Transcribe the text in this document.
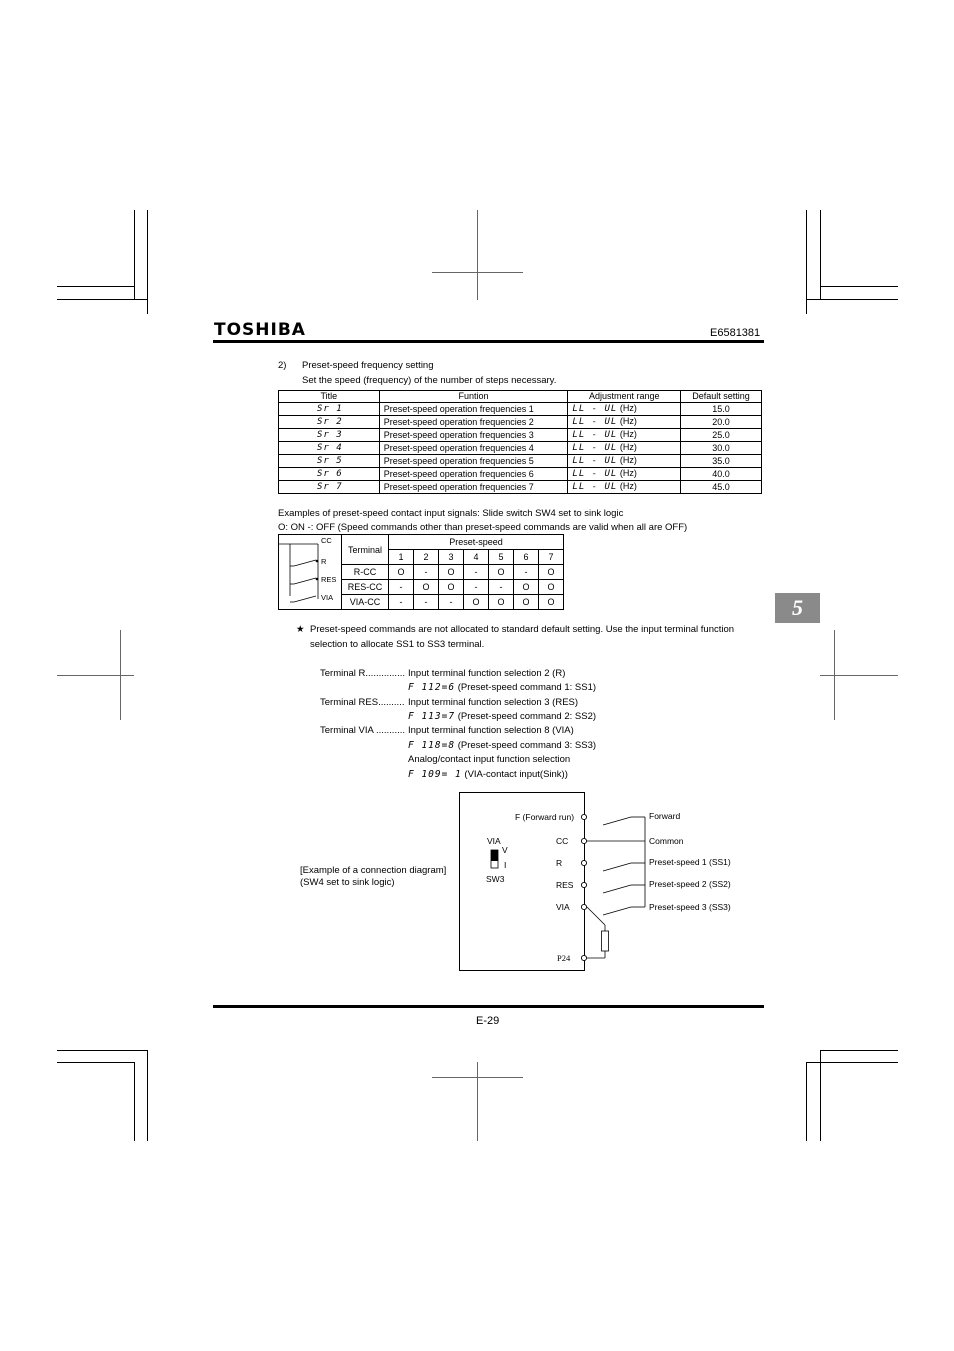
TOSHIBA	E6581381
2) Preset-speed frequency setting
Set the speed (frequency) of the number of steps necessary.
Title	Funtion	Adjustment range	Default setting
Sr 1	Preset-speed operation frequencies 1	LL - UL (Hz)	15.0
Sr 2	Preset-speed operation frequencies 2	LL - UL (Hz)	20.0
Sr 3	Preset-speed operation frequencies 3	LL - UL (Hz)	25.0
Sr 4	Preset-speed operation frequencies 4	LL - UL (Hz)	30.0
Sr 5	Preset-speed operation frequencies 5	LL - UL (Hz)	35.0
Sr 6	Preset-speed operation frequencies 6	LL - UL (Hz)	40.0
Sr 7	Preset-speed operation frequencies 7	LL - UL (Hz)	45.0
Examples of preset-speed contact input signals: Slide switch SW4 set to sink logic
O: ON -: OFF (Speed commands other than preset-speed commands are valid when all are OFF)
CC
R
RES
VIA
Terminal	Preset-speed						
	1	2	3	4	5	6	7
R-CC	O	-	O	-	O	-	O
RES-CC	-	O	O	-	-	O	O
VIA-CC	-	-	-	O	O	O	O	5
★ Preset-speed commands are not allocated to standard default setting. Use the input terminal function
selection to allocate SS1 to SS3 terminal.
Terminal R............... Input terminal function selection 2 (R)
F 112=6 (Preset-speed command 1: SS1)
Terminal RES.......... Input terminal function selection 3 (RES)
F 113=7 (Preset-speed command 2: SS2)
Terminal VIA ........... Input terminal function selection 8 (VIA)
F 118=8 (Preset-speed command 3: SS3)
Analog/contact input function selection
F 109= 1 (VIA-contact input(Sink))
[Example of a connection diagram]
(SW4 set to sink logic)
VIA
V
I
SW3
F (Forward run)
CC
R
RES
VIA
P24
Forward
Common
Preset-speed 1 (SS1)
Preset-speed 2 (SS2)
Preset-speed 3 (SS3)
E-29
